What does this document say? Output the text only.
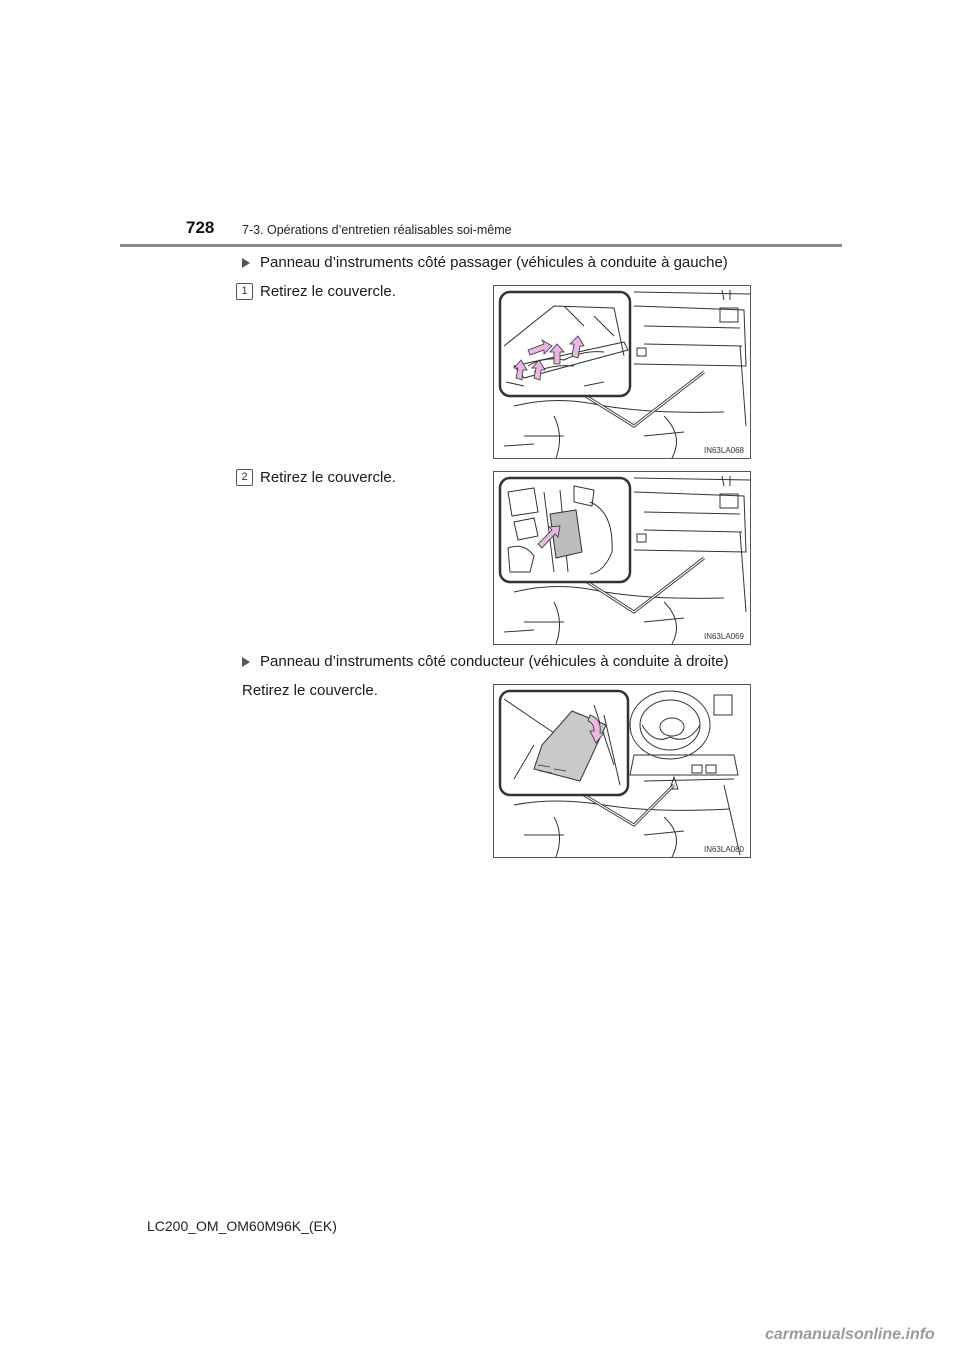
728 7-3. Opérations d’entretien réalisables soi-même
Panneau d’instruments côté passager (véhicules à conduite à gauche)
1 Retirez le couvercle.
IN63LA068
2 Retirez le couvercle.
IN63LA069
Panneau d’instruments côté conducteur (véhicules à conduite à droite)
Retirez le couvercle.
IN63LA080
LC200_OM_OM60M96K_(EK)
carmanualsonline.info
